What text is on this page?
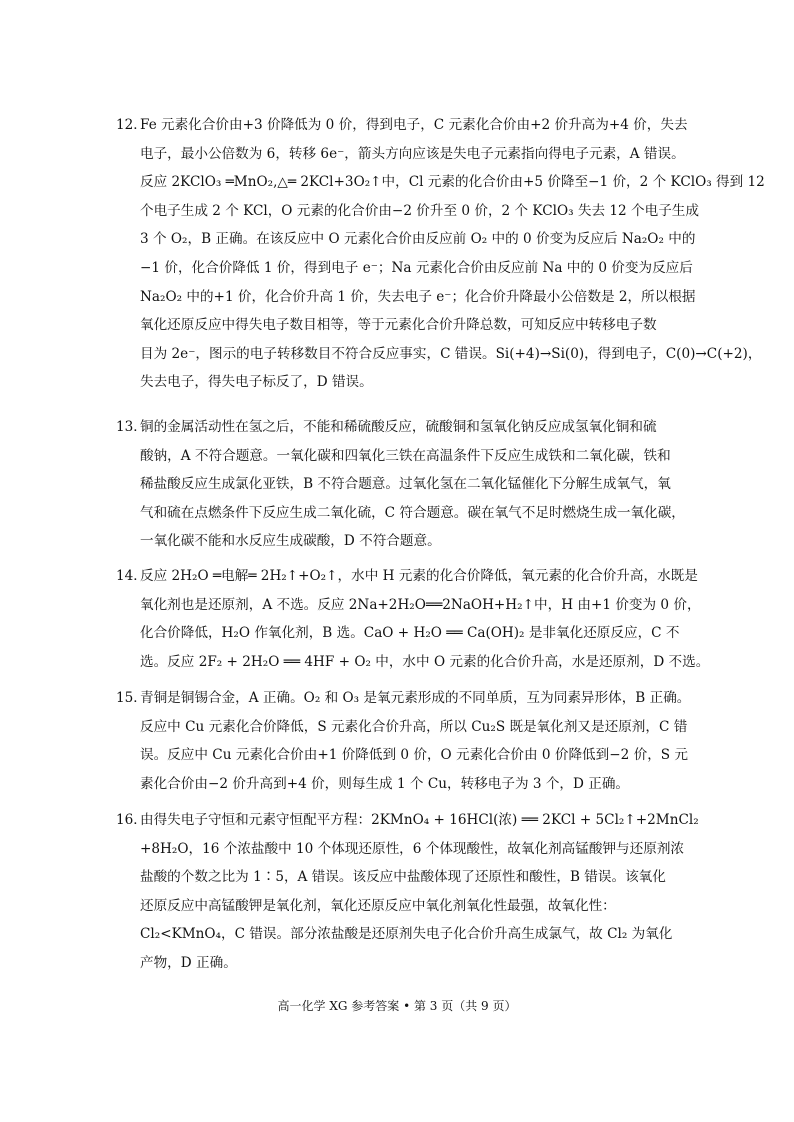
12．
Fe 元素化合价由+3 价降低为 0 价，得到电子，C 元素化合价由+2 价升高为+4 价，失去
电子，最小公倍数为 6，转移 6e⁻，箭头方向应该是失电子元素指向得电子元素，A 错误。
反应 2KClO₃ ═MnO₂,△═ 2KCl+3O₂↑中，Cl 元素的化合价由+5 价降至−1 价，2 个 KClO₃ 得到 12
个电子生成 2 个 KCl，O 元素的化合价由−2 价升至 0 价，2 个 KClO₃ 失去 12 个电子生成
3 个 O₂，B 正确。在该反应中 O 元素化合价由反应前 O₂ 中的 0 价变为反应后 Na₂O₂ 中的
−1 价，化合价降低 1 价，得到电子 e⁻；Na 元素化合价由反应前 Na 中的 0 价变为反应后
Na₂O₂ 中的+1 价，化合价升高 1 价，失去电子 e⁻；化合价升降最小公倍数是 2，所以根据
氧化还原反应中得失电子数目相等，等于元素化合价升降总数，可知反应中转移电子数
目为 2e⁻，图示的电子转移数目不符合反应事实，C 错误。Si(+4)→Si(0)，得到电子，C(0)→C(+2)，
失去电子，得失电子标反了，D 错误。
13．
铜的金属活动性在氢之后，不能和稀硫酸反应，硫酸铜和氢氧化钠反应成氢氧化铜和硫
酸钠，A 不符合题意。一氧化碳和四氧化三铁在高温条件下反应生成铁和二氧化碳，铁和
稀盐酸反应生成氯化亚铁，B 不符合题意。过氧化氢在二氧化锰催化下分解生成氧气，氧
气和硫在点燃条件下反应生成二氧化硫，C 符合题意。碳在氧气不足时燃烧生成一氧化碳，
一氧化碳不能和水反应生成碳酸，D 不符合题意。
14．
反应 2H₂O ═电解═ 2H₂↑+O₂↑，水中 H 元素的化合价降低，氧元素的化合价升高，水既是
氧化剂也是还原剂，A 不选。反应 2Na+2H₂O══2NaOH+H₂↑中，H 由+1 价变为 0 价，
化合价降低，H₂O 作氧化剂，B 选。CaO + H₂O ══ Ca(OH)₂ 是非氧化还原反应，C 不
选。反应 2F₂ + 2H₂O ══ 4HF + O₂ 中，水中 O 元素的化合价升高，水是还原剂，D 不选。
15．
青铜是铜锡合金，A 正确。O₂ 和 O₃ 是氧元素形成的不同单质，互为同素异形体，B 正确。
反应中 Cu 元素化合价降低，S 元素化合价升高，所以 Cu₂S 既是氧化剂又是还原剂，C 错
误。反应中 Cu 元素化合价由+1 价降低到 0 价，O 元素化合价由 0 价降低到−2 价，S 元
素化合价由−2 价升高到+4 价，则每生成 1 个 Cu，转移电子为 3 个，D 正确。
16．
由得失电子守恒和元素守恒配平方程：2KMnO₄ + 16HCl(浓) ══ 2KCl + 5Cl₂↑+2MnCl₂
+8H₂O，16 个浓盐酸中 10 个体现还原性，6 个体现酸性，故氧化剂高锰酸钾与还原剂浓
盐酸的个数之比为 1∶5，A 错误。该反应中盐酸体现了还原性和酸性，B 错误。该氧化
还原反应中高锰酸钾是氧化剂，氧化还原反应中氧化剂氧化性最强，故氧化性：
Cl₂<KMnO₄，C 错误。部分浓盐酸是还原剂失电子化合价升高生成氯气，故 Cl₂ 为氧化
产物，D 正确。
高一化学 XG 参考答案 • 第 3 页（共 9 页）
